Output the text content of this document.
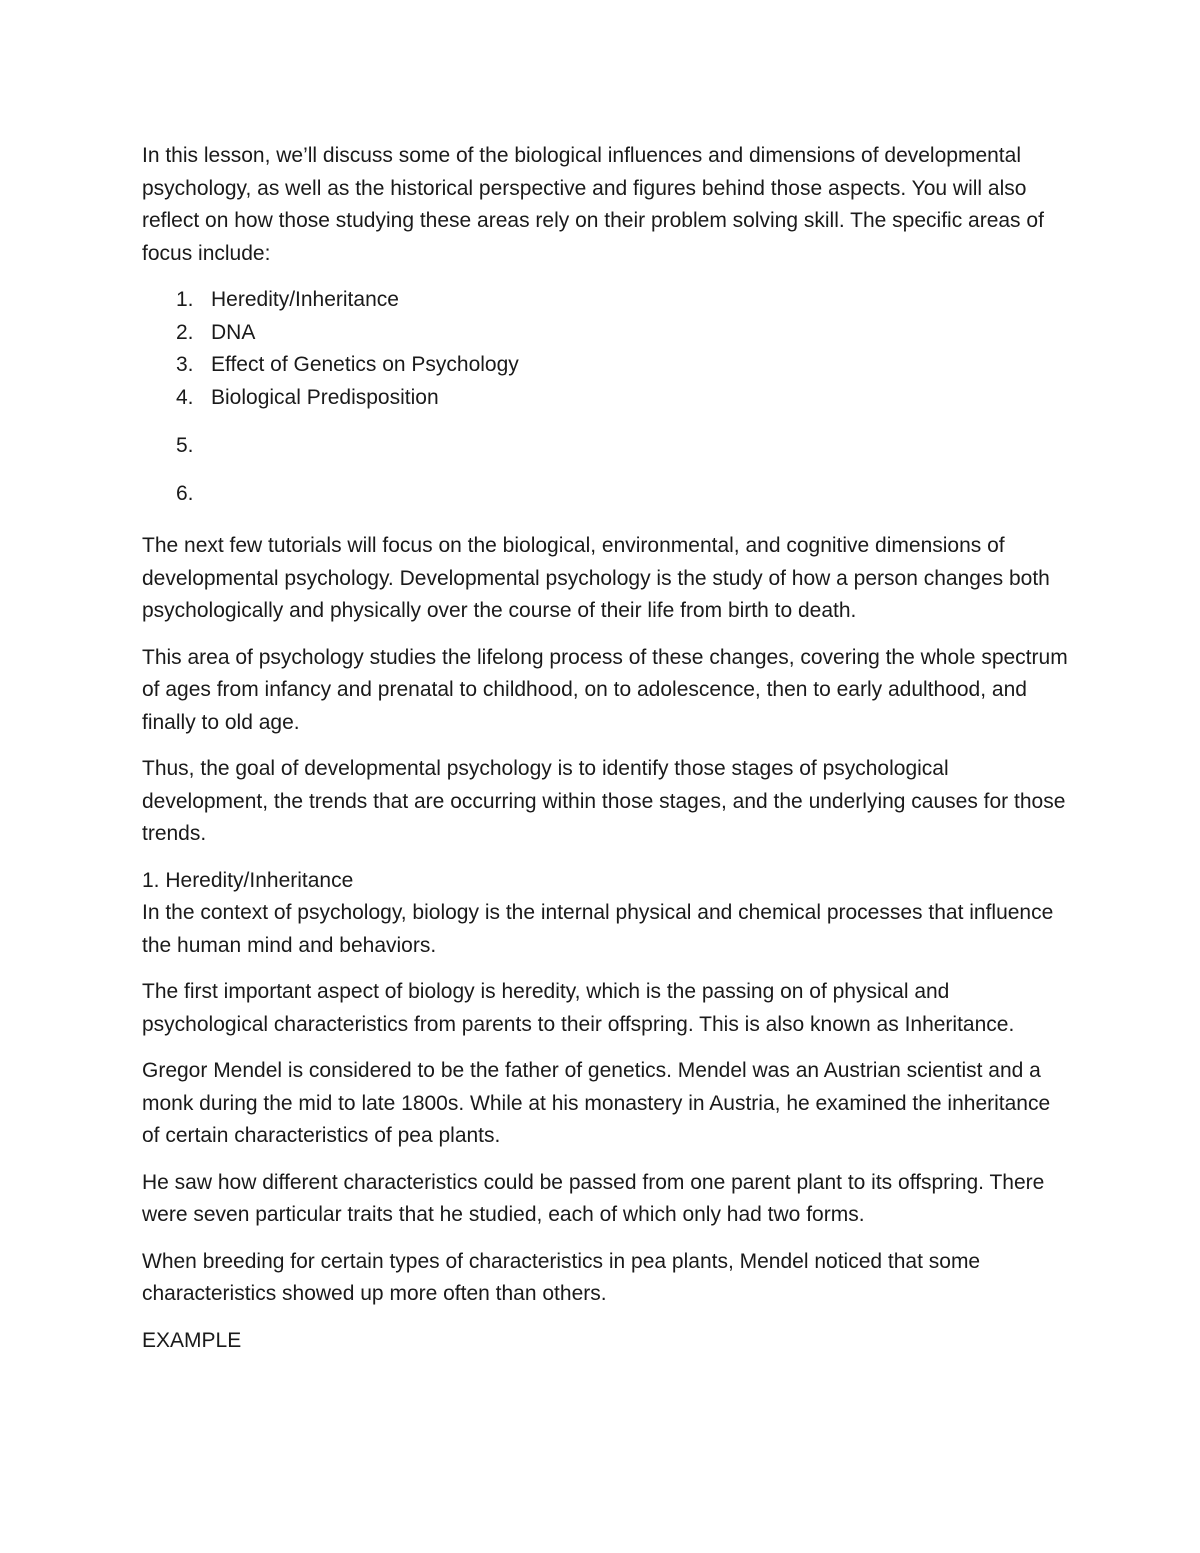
In this lesson, we’ll discuss some of the biological influences and dimensions of developmental psychology, as well as the historical perspective and figures behind those aspects. You will also reflect on how those studying these areas rely on their problem solving skill. The specific areas of focus include:

1. Heredity/Inheritance
2. DNA
3. Effect of Genetics on Psychology
4. Biological Predisposition
5.
6.

The next few tutorials will focus on the biological, environmental, and cognitive dimensions of developmental psychology. Developmental psychology is the study of how a person changes both psychologically and physically over the course of their life from birth to death.

This area of psychology studies the lifelong process of these changes, covering the whole spectrum of ages from infancy and prenatal to childhood, on to adolescence, then to early adulthood, and finally to old age.

Thus, the goal of developmental psychology is to identify those stages of psychological development, the trends that are occurring within those stages, and the underlying causes for those trends.

1. Heredity/Inheritance

In the context of psychology, biology is the internal physical and chemical processes that influence the human mind and behaviors.

The first important aspect of biology is heredity, which is the passing on of physical and psychological characteristics from parents to their offspring. This is also known as Inheritance.

Gregor Mendel is considered to be the father of genetics. Mendel was an Austrian scientist and a monk during the mid to late 1800s. While at his monastery in Austria, he examined the inheritance of certain characteristics of pea plants.

He saw how different characteristics could be passed from one parent plant to its offspring. There were seven particular traits that he studied, each of which only had two forms.

When breeding for certain types of characteristics in pea plants, Mendel noticed that some characteristics showed up more often than others.

EXAMPLE
